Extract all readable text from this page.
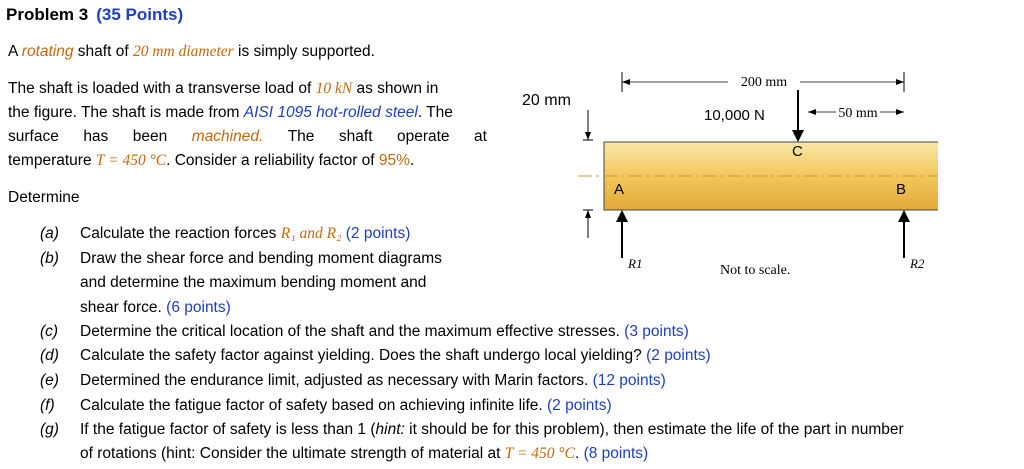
Problem 3 (35 Points)
A rotating shaft of 20 mm diameter is simply supported.
The shaft is loaded with a transverse load of 10 kN as shown in
the figure. The shaft is made from AISI 1095 hot-rolled steel. The
surface has been machined. The shaft operate at
temperature T = 450 °C. Consider a reliability factor of 95%.
Determine
(a) Calculate the reaction forces R₁ and R₂ (2 points)
(b) Draw the shear force and bending moment diagrams
and determine the maximum bending moment and
shear force. (6 points)
(c) Determine the critical location of the shaft and the maximum effective stresses. (3 points)
(d) Calculate the safety factor against yielding. Does the shaft undergo local yielding? (2 points)
(e) Determined the endurance limit, adjusted as necessary with Marin factors. (12 points)
(f) Calculate the fatigue factor of safety based on achieving infinite life. (2 points)
(g) If the fatigue factor of safety is less than 1 (hint: it should be for this problem), then estimate the life of the part in number
of rotations (hint: Consider the ultimate strength of material at T = 450 °C. (8 points)
200 mm
50 mm
20 mm
10,000 N
C
A	B
R1	R2
Not to scale.
